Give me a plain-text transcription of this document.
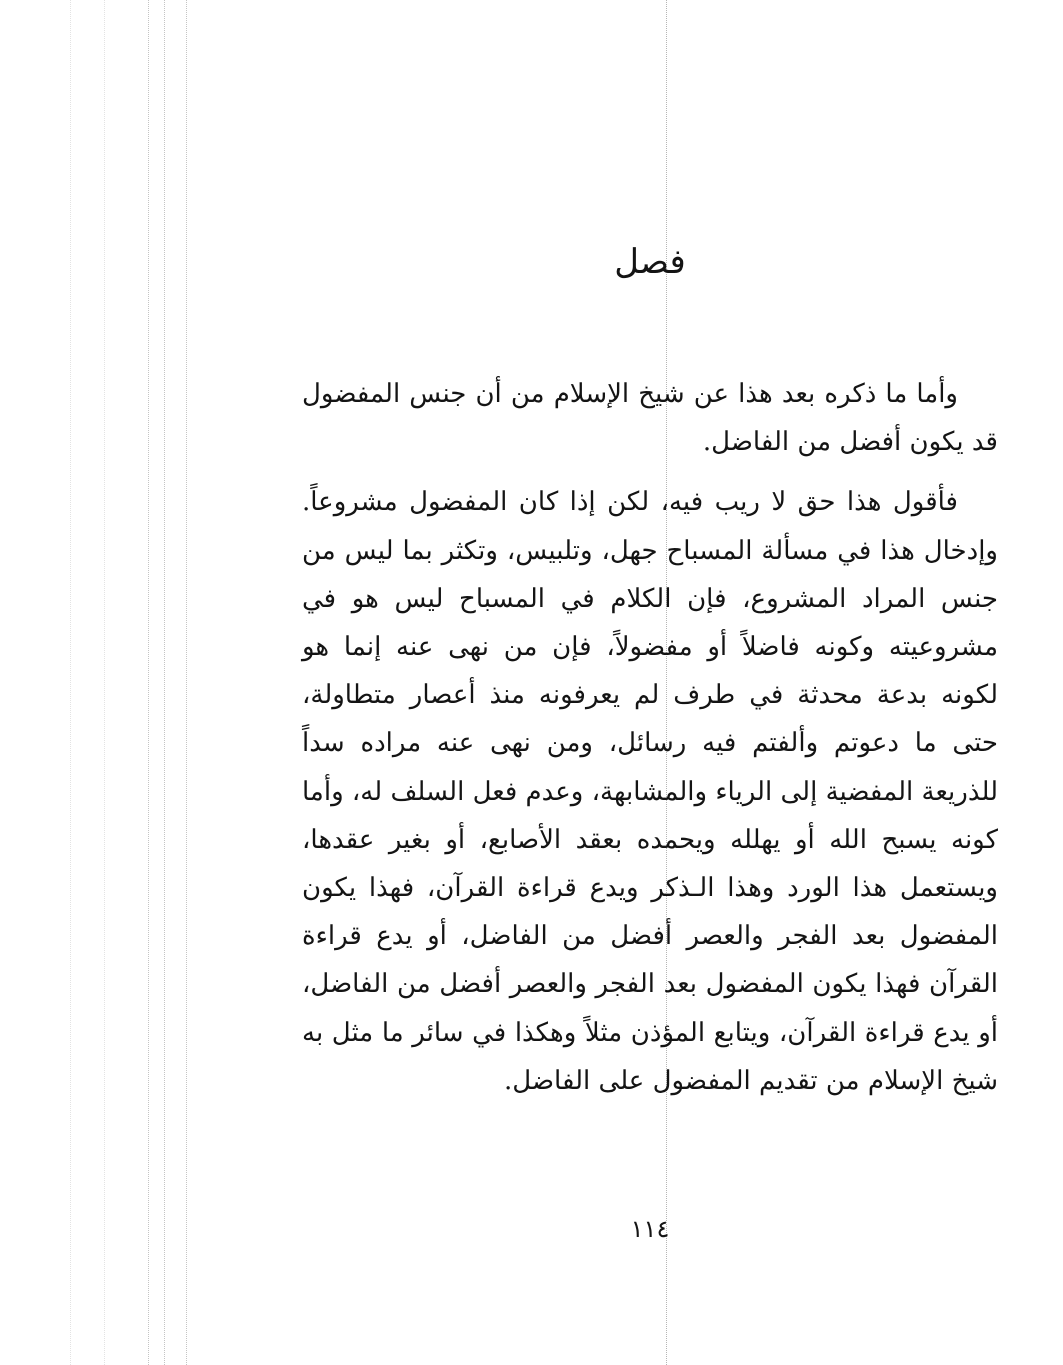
فصل

وأما ما ذكره بعد هذا عن شيخ الإسلام من أن جنس المفضول قد يكون أفضل من الفاضل.

فأقول هذا حق لا ريب فيه، لكن إذا كان المفضول مشروعاً. وإدخال هذا في مسألة المسباح جهل، وتلبيس، وتكثر بما ليس من جنس المراد المشروع، فإن الكلام في المسباح ليس هو في مشروعيته وكونه فاضلاً أو مفضولاً، فإن من نهى عنه إنما هو لكونه بدعة محدثة في طرف لم يعرفونه منذ أعصار متطاولة، حتى ما دعوتم وألفتم فيه رسائل، ومن نهى عنه مراده سداً للذريعة المفضية إلى الرياء والمشابهة، وعدم فعل السلف له، وأما كونه يسبح الله أو يهلله ويحمده بعقد الأصابع، أو بغير عقدها، ويستعمل هذا الورد وهذا الـذكر ويدع قراءة القرآن، فهذا يكون المفضول بعد الفجر والعصر أفضل من الفاضل، أو يدع قراءة القرآن فهذا يكون المفضول بعد الفجر والعصر أفضل من الفاضل، أو يدع قراءة القرآن، ويتابع المؤذن مثلاً وهكذا في سائر ما مثل به شيخ الإسلام من تقديم المفضول على الفاضل.

١١٤
